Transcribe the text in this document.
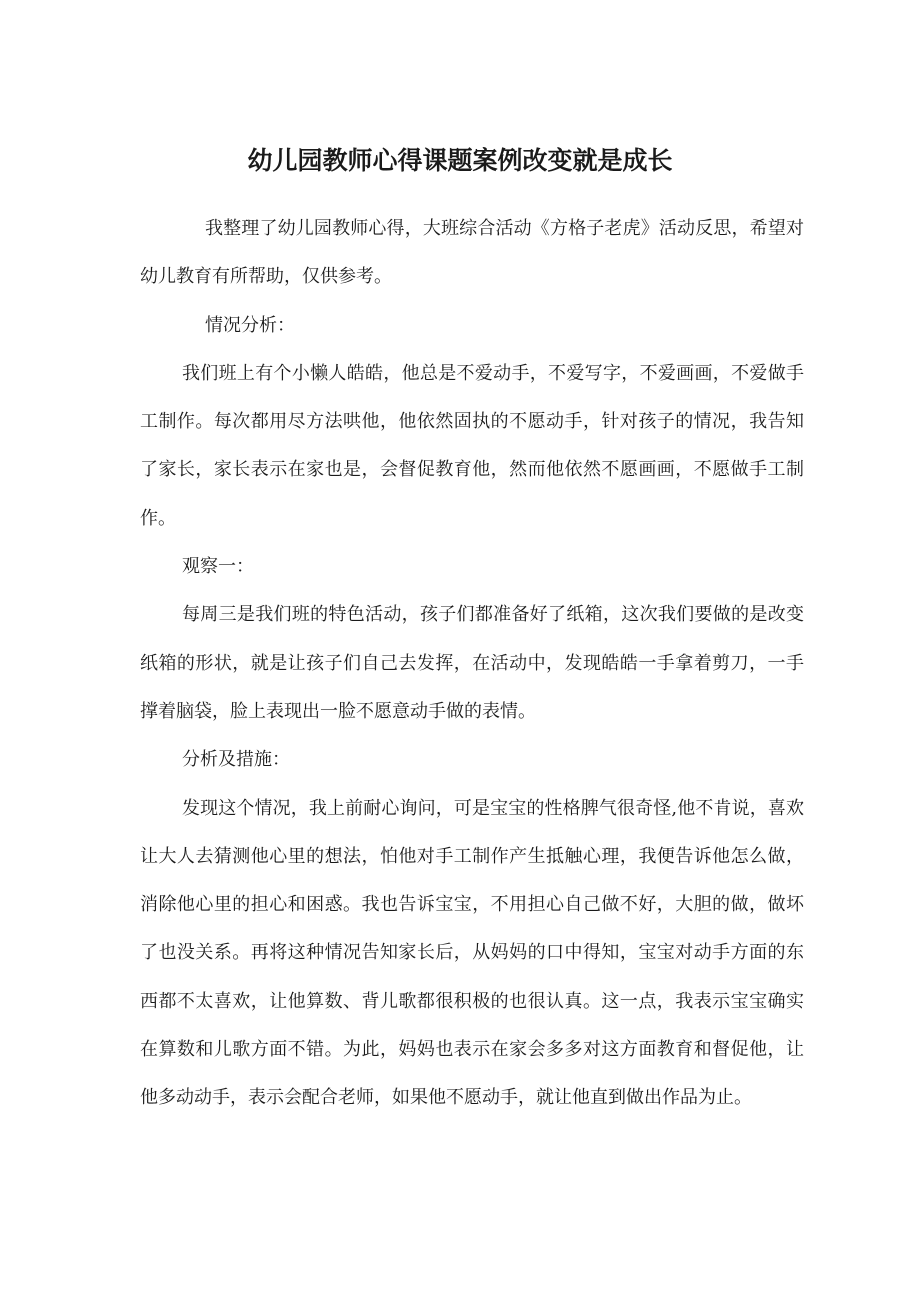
幼儿园教师心得课题案例改变就是成长

我整理了幼儿园教师心得，大班综合活动《方格子老虎》活动反思，希望对幼儿教育有所帮助，仅供参考。

情况分析：

我们班上有个小懒人皓皓，他总是不爱动手，不爱写字，不爱画画，不爱做手工制作。每次都用尽方法哄他，他依然固执的不愿动手，针对孩子的情况，我告知了家长，家长表示在家也是，会督促教育他，然而他依然不愿画画，不愿做手工制作。

观察一：

每周三是我们班的特色活动，孩子们都准备好了纸箱，这次我们要做的是改变纸箱的形状，就是让孩子们自己去发挥，在活动中，发现皓皓一手拿着剪刀，一手撑着脑袋，脸上表现出一脸不愿意动手做的表情。

分析及措施：

发现这个情况，我上前耐心询问，可是宝宝的性格脾气很奇怪,他不肯说，喜欢让大人去猜测他心里的想法，怕他对手工制作产生抵触心理，我便告诉他怎么做，消除他心里的担心和困惑。我也告诉宝宝，不用担心自己做不好，大胆的做，做坏了也没关系。再将这种情况告知家长后，从妈妈的口中得知，宝宝对动手方面的东西都不太喜欢，让他算数、背儿歌都很积极的也很认真。这一点，我表示宝宝确实在算数和儿歌方面不错。为此，妈妈也表示在家会多多对这方面教育和督促他，让他多动动手，表示会配合老师，如果他不愿动手，就让他直到做出作品为止。
